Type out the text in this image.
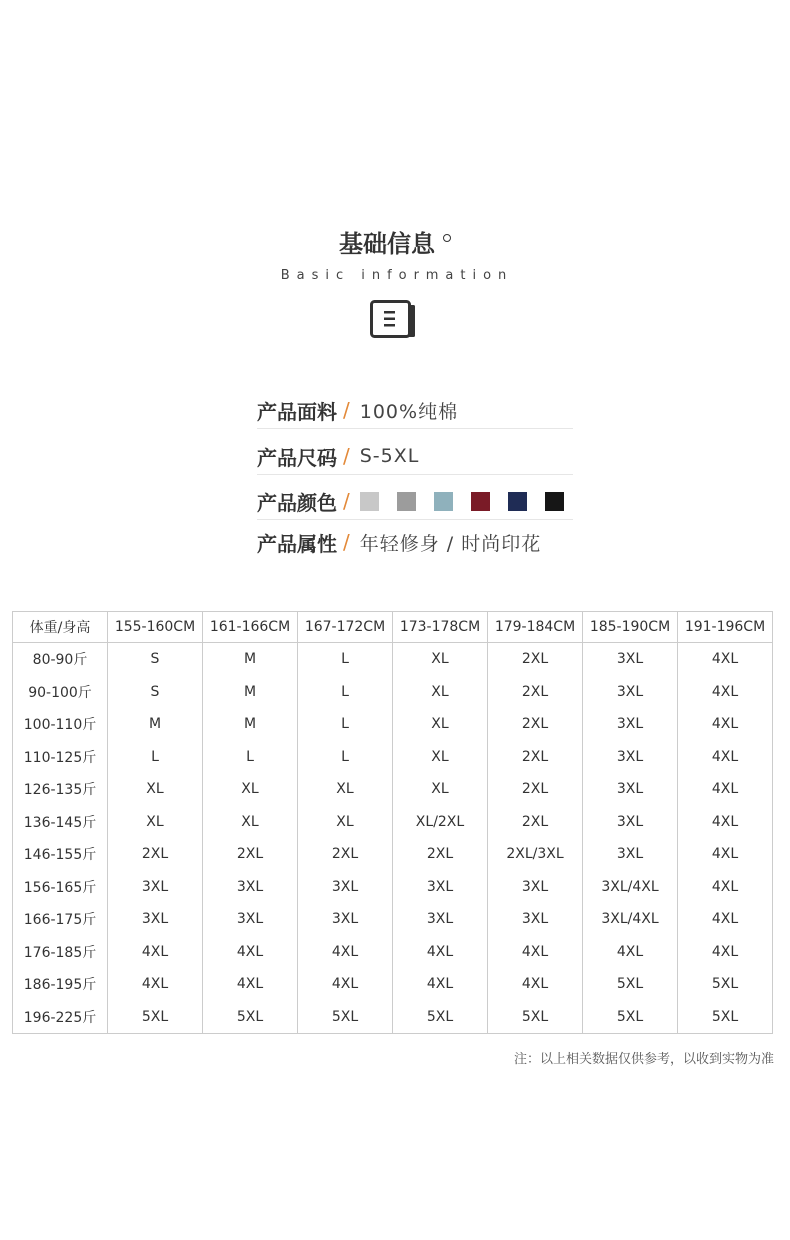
基础信息
Basic information
产品面料 / 100%纯棉
产品尺码 / S-5XL
产品颜色 /
产品属性 / 年轻修身 / 时尚印花
体重/身高	155-160CM	161-166CM	167-172CM	173-178CM	179-184CM	185-190CM	191-196CM
80-90斤	S	M	L	XL	2XL	3XL	4XL
90-100斤	S	M	L	XL	2XL	3XL	4XL
100-110斤	M	M	L	XL	2XL	3XL	4XL
110-125斤	L	L	L	XL	2XL	3XL	4XL
126-135斤	XL	XL	XL	XL	2XL	3XL	4XL
136-145斤	XL	XL	XL	XL/2XL	2XL	3XL	4XL
146-155斤	2XL	2XL	2XL	2XL	2XL/3XL	3XL	4XL
156-165斤	3XL	3XL	3XL	3XL	3XL	3XL/4XL	4XL
166-175斤	3XL	3XL	3XL	3XL	3XL	3XL/4XL	4XL
176-185斤	4XL	4XL	4XL	4XL	4XL	4XL	4XL
186-195斤	4XL	4XL	4XL	4XL	4XL	5XL	5XL
196-225斤	5XL	5XL	5XL	5XL	5XL	5XL	5XL
注：以上相关数据仅供参考，以收到实物为准
